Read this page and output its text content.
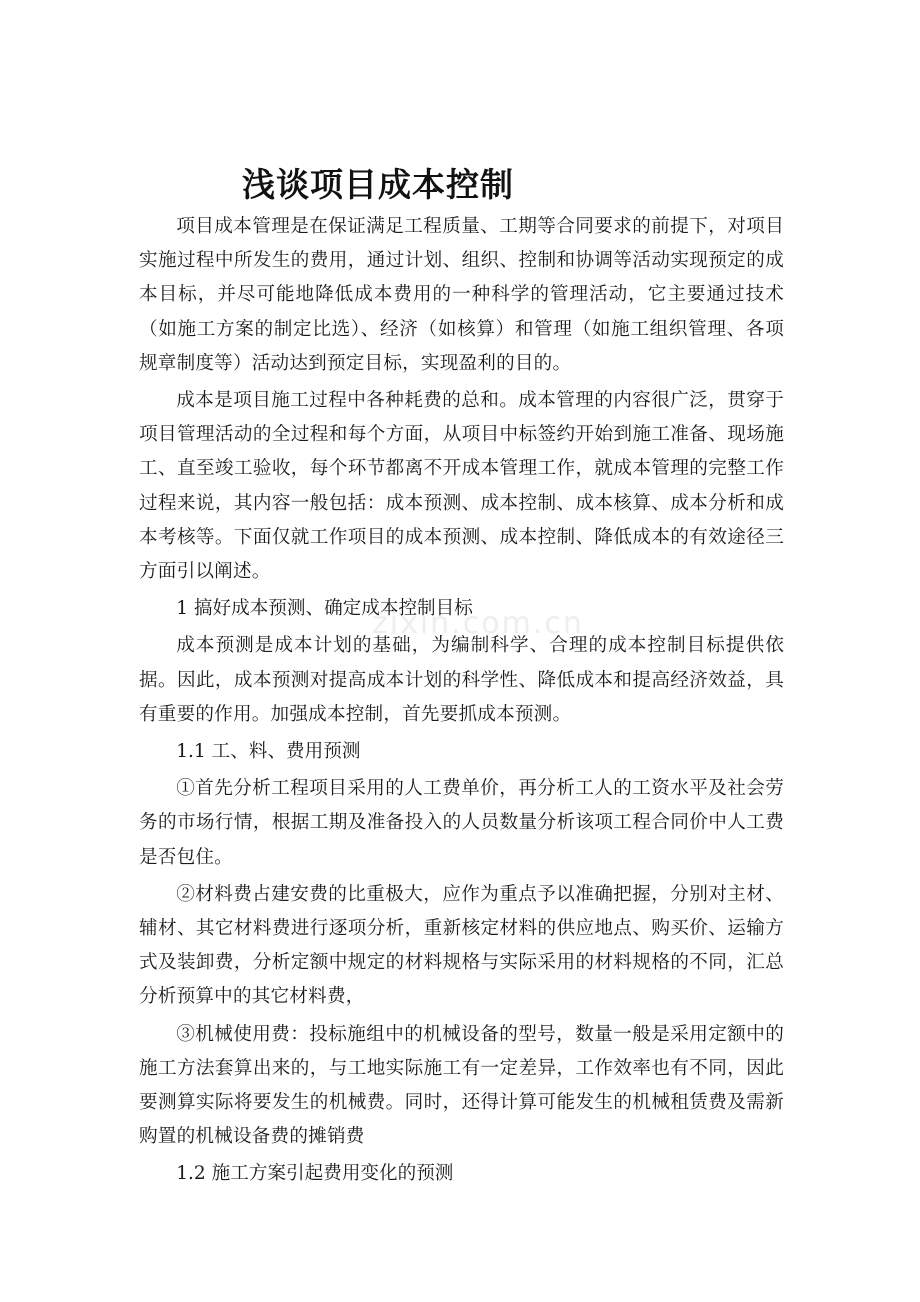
zixin.com.cn
浅谈项目成本控制

项目成本管理是在保证满足工程质量、工期等合同要求的前提下，对项目实施过程中所发生的费用，通过计划、组织、控制和协调等活动实现预定的成本目标，并尽可能地降低成本费用的一种科学的管理活动，它主要通过技术（如施工方案的制定比选）、经济（如核算）和管理（如施工组织管理、各项规章制度等）活动达到预定目标，实现盈利的目的。

成本是项目施工过程中各种耗费的总和。成本管理的内容很广泛，贯穿于项目管理活动的全过程和每个方面，从项目中标签约开始到施工准备、现场施工、直至竣工验收，每个环节都离不开成本管理工作，就成本管理的完整工作过程来说，其内容一般包括：成本预测、成本控制、成本核算、成本分析和成本考核等。下面仅就工作项目的成本预测、成本控制、降低成本的有效途径三方面引以阐述。

1 搞好成本预测、确定成本控制目标

成本预测是成本计划的基础，为编制科学、合理的成本控制目标提供依据。因此，成本预测对提高成本计划的科学性、降低成本和提高经济效益，具有重要的作用。加强成本控制，首先要抓成本预测。

1.1 工、料、费用预测

①首先分析工程项目采用的人工费单价，再分析工人的工资水平及社会劳务的市场行情，根据工期及准备投入的人员数量分析该项工程合同价中人工费是否包住。

②材料费占建安费的比重极大，应作为重点予以准确把握，分别对主材、辅材、其它材料费进行逐项分析，重新核定材料的供应地点、购买价、运输方式及装卸费，分析定额中规定的材料规格与实际采用的材料规格的不同，汇总分析预算中的其它材料费，

③机械使用费：投标施组中的机械设备的型号，数量一般是采用定额中的施工方法套算出来的，与工地实际施工有一定差异，工作效率也有不同，因此要测算实际将要发生的机械费。同时，还得计算可能发生的机械租赁费及需新购置的机械设备费的摊销费

1.2 施工方案引起费用变化的预测
